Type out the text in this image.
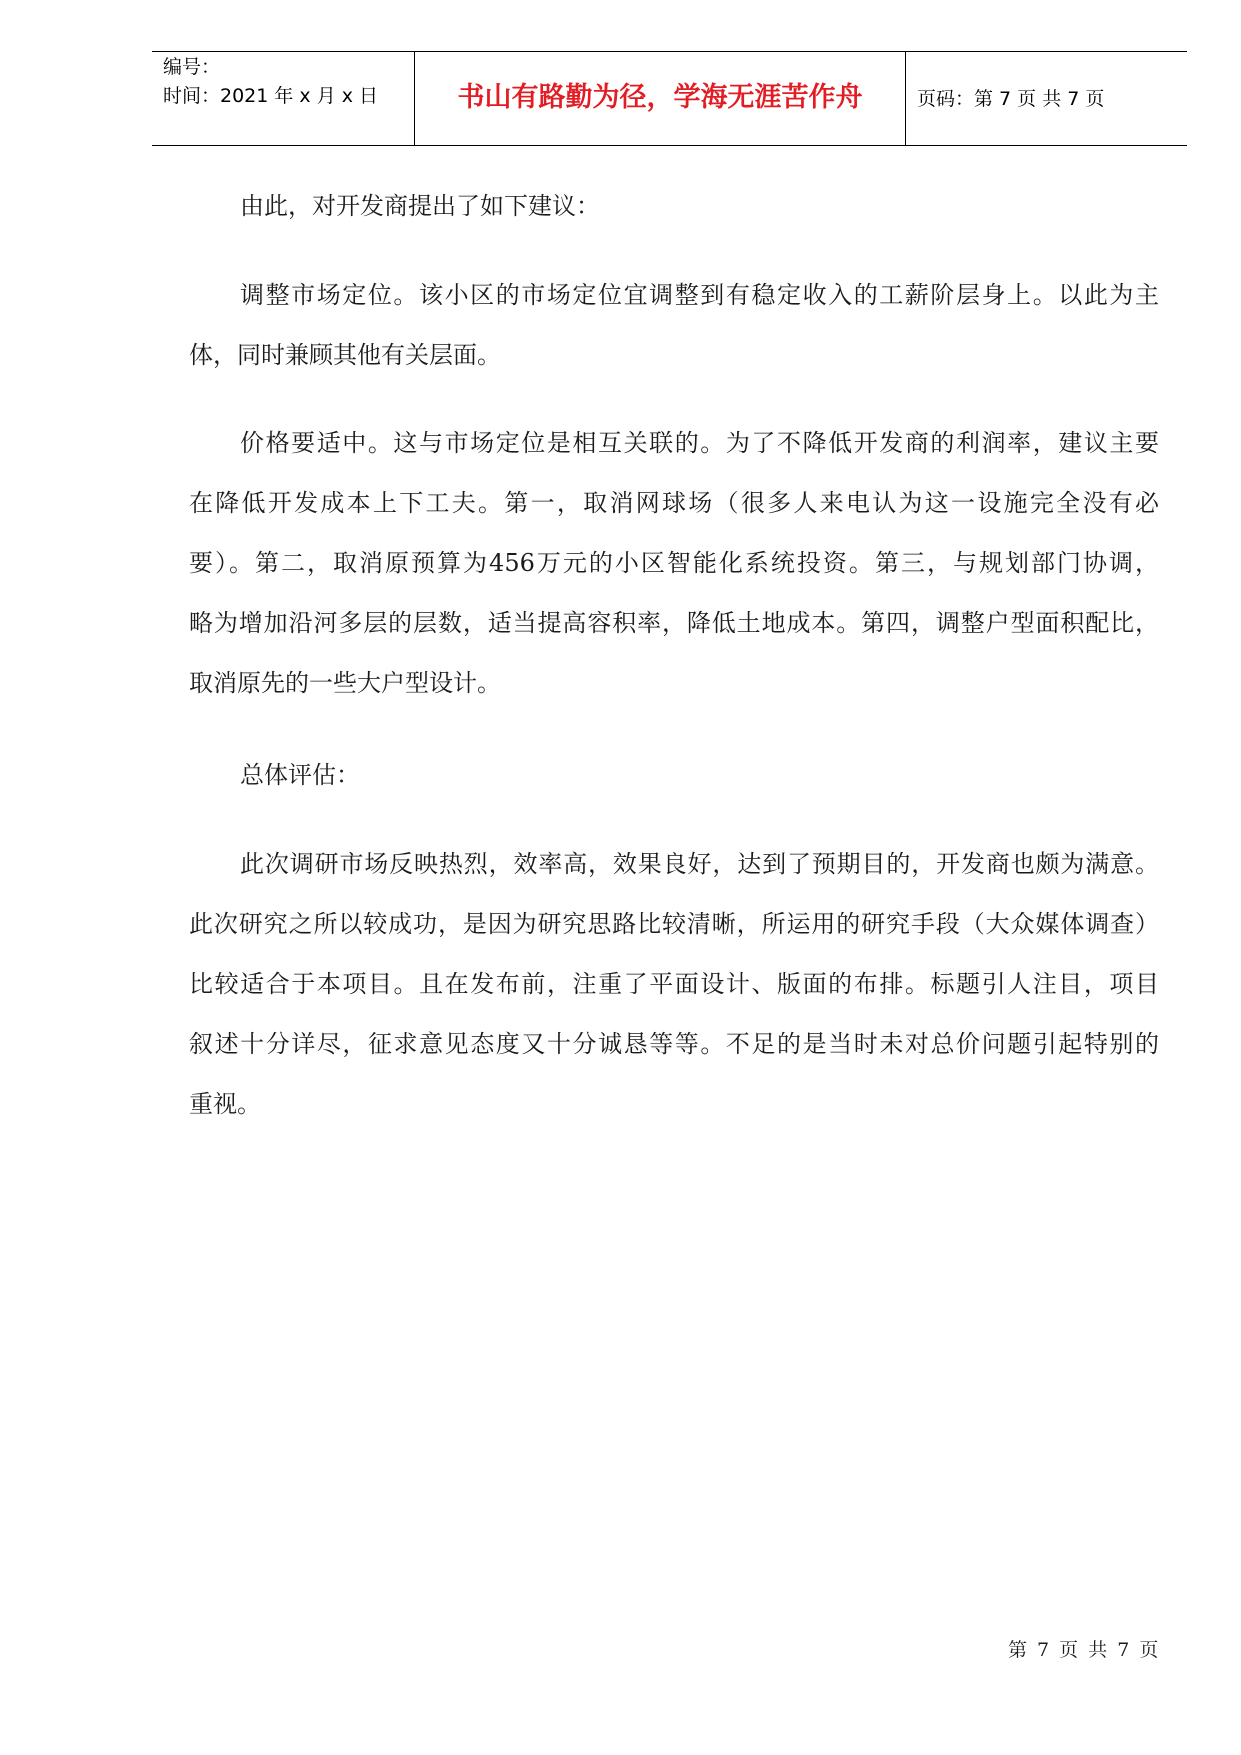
编号：
时间：2021 年 x 月 x 日	书山有路勤为径，学海无涯苦作舟	页码：第 7 页 共 7 页
由此，对开发商提出了如下建议：
调整市场定位。该小区的市场定位宜调整到有稳定收入的工薪阶层身上。以此为主
体，同时兼顾其他有关层面。
价格要适中。这与市场定位是相互关联的。为了不降低开发商的利润率，建议主要
在降低开发成本上下工夫。第一，取消网球场（很多人来电认为这一设施完全没有必
要）。第二，取消原预算为456万元的小区智能化系统投资。第三，与规划部门协调，
略为增加沿河多层的层数，适当提高容积率，降低土地成本。第四，调整户型面积配比，
取消原先的一些大户型设计。
总体评估：
此次调研市场反映热烈，效率高，效果良好，达到了预期目的，开发商也颇为满意。
此次研究之所以较成功，是因为研究思路比较清晰，所运用的研究手段（大众媒体调查）
比较适合于本项目。且在发布前，注重了平面设计、版面的布排。标题引人注目，项目
叙述十分详尽，征求意见态度又十分诚恳等等。不足的是当时未对总价问题引起特别的
重视。
第 7 页 共 7 页
